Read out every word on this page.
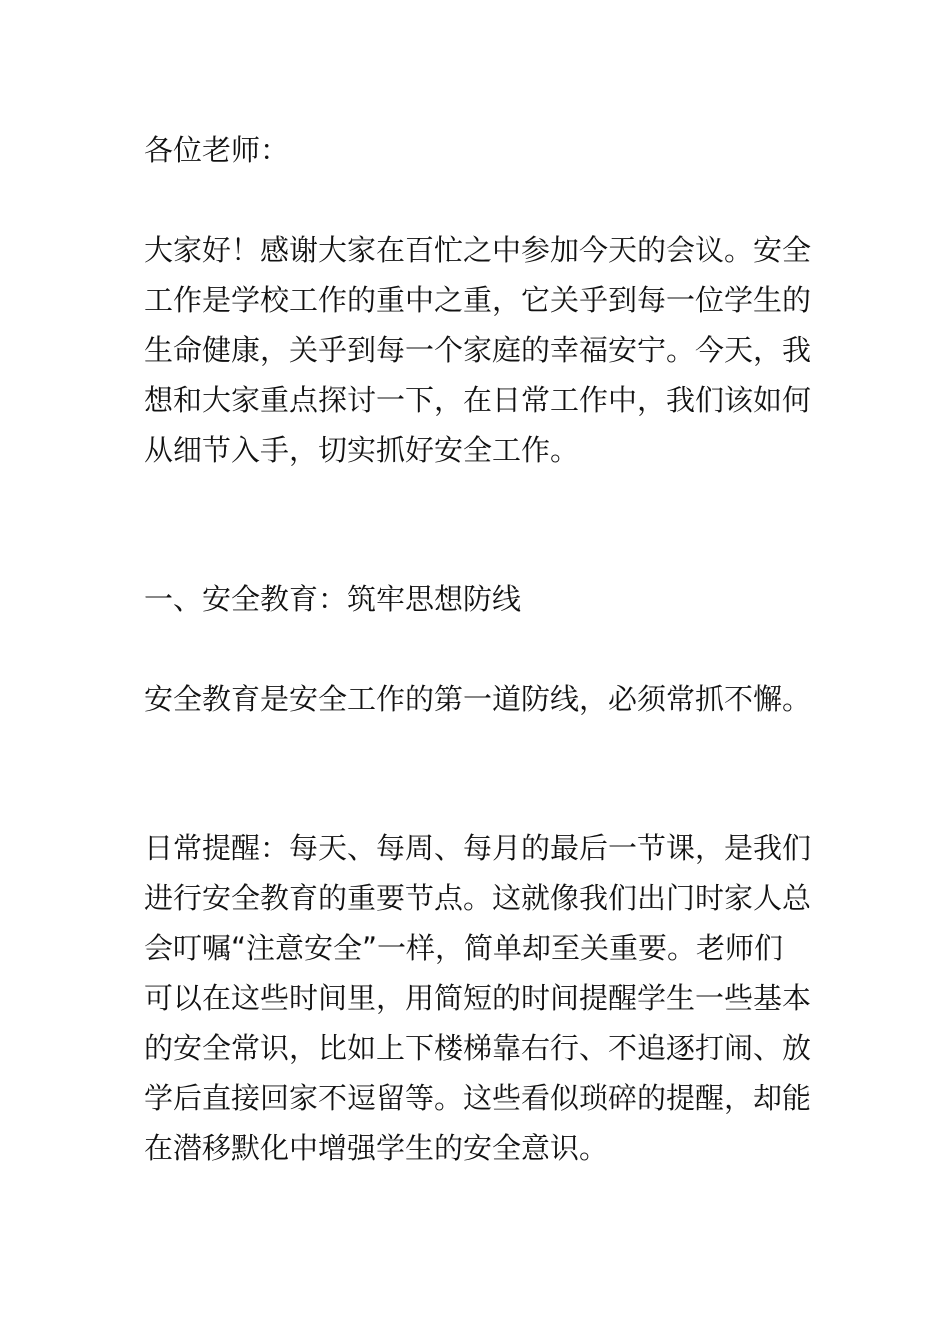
各位老师：

大家好！感谢大家在百忙之中参加今天的会议。安全
工作是学校工作的重中之重，它关乎到每一位学生的
生命健康，关乎到每一个家庭的幸福安宁。今天，我
想和大家重点探讨一下，在日常工作中，我们该如何
从细节入手，切实抓好安全工作。

一、安全教育：筑牢思想防线

安全教育是安全工作的第一道防线，必须常抓不懈。

日常提醒：每天、每周、每月的最后一节课，是我们
进行安全教育的重要节点。这就像我们出门时家人总
会叮嘱“注意安全”一样，简单却至关重要。老师们
可以在这些时间里，用简短的时间提醒学生一些基本
的安全常识，比如上下楼梯靠右行、不追逐打闹、放
学后直接回家不逗留等。这些看似琐碎的提醒，却能
在潜移默化中增强学生的安全意识。
